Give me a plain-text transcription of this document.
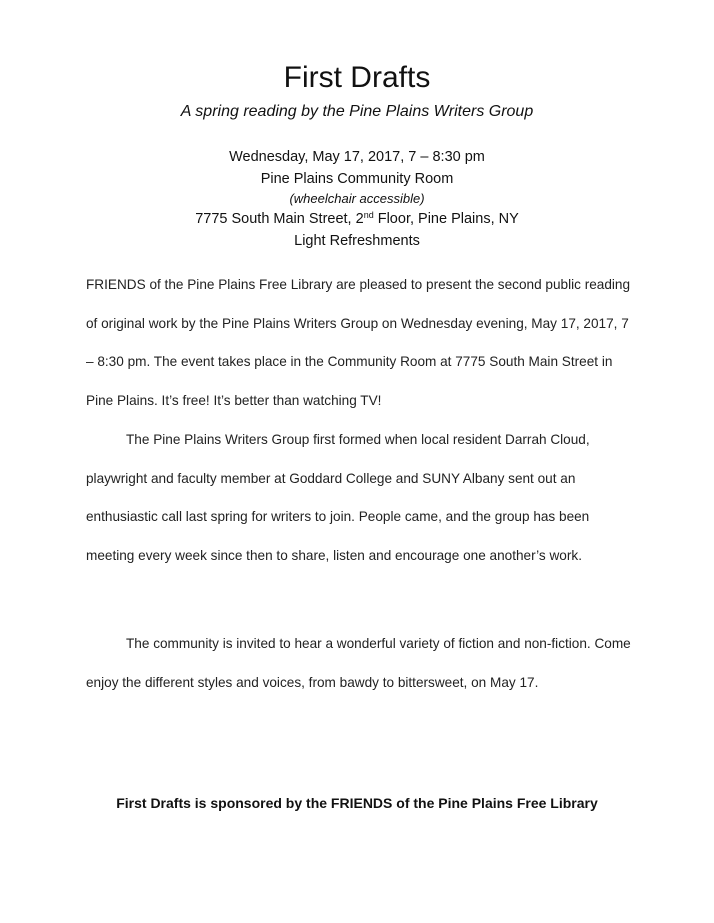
First Drafts
A spring reading by the Pine Plains Writers Group
Wednesday, May 17, 2017, 7 – 8:30 pm
Pine Plains Community Room
(wheelchair accessible)
7775 South Main Street, 2nd Floor, Pine Plains, NY
Light Refreshments

FRIENDS of the Pine Plains Free Library are pleased to present the second public reading of original work by the Pine Plains Writers Group on Wednesday evening, May 17, 2017, 7 – 8:30 pm. The event takes place in the Community Room at 7775 South Main Street in Pine Plains. It’s free! It’s better than watching TV!

The Pine Plains Writers Group first formed when local resident Darrah Cloud, playwright and faculty member at Goddard College and SUNY Albany sent out an enthusiastic call last spring for writers to join. People came, and the group has been meeting every week since then to share, listen and encourage one another’s work.

The community is invited to hear a wonderful variety of fiction and non-fiction. Come enjoy the different styles and voices, from bawdy to bittersweet, on May 17.

First Drafts is sponsored by the FRIENDS of the Pine Plains Free Library
